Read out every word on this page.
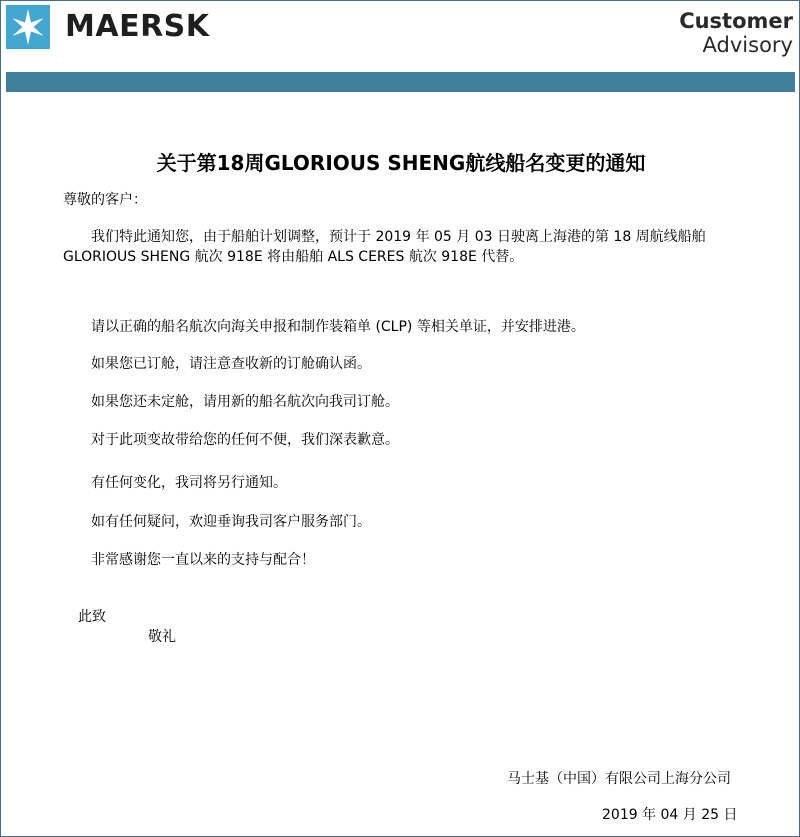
MAERSK	Customer
Advisory
关于第18周GLORIOUS SHENG航线船名变更的通知
尊敬的客户：
我们特此通知您，由于船舶计划调整，预计于 2019 年 05 月 03 日驶离上海港的第 18 周航线船舶
GLORIOUS SHENG 航次 918E 将由船舶 ALS CERES 航次 918E 代替。
请以正确的船名航次向海关申报和制作装箱单 (CLP) 等相关单证，并安排进港。
如果您已订舱，请注意查收新的订舱确认函。
如果您还未定舱，请用新的船名航次向我司订舱。
对于此项变故带给您的任何不便，我们深表歉意。
有任何变化，我司将另行通知。
如有任何疑问，欢迎垂询我司客户服务部门。
非常感谢您一直以来的支持与配合！
此致
敬礼
马士基（中国）有限公司上海分公司
2019 年 04 月 25 日
